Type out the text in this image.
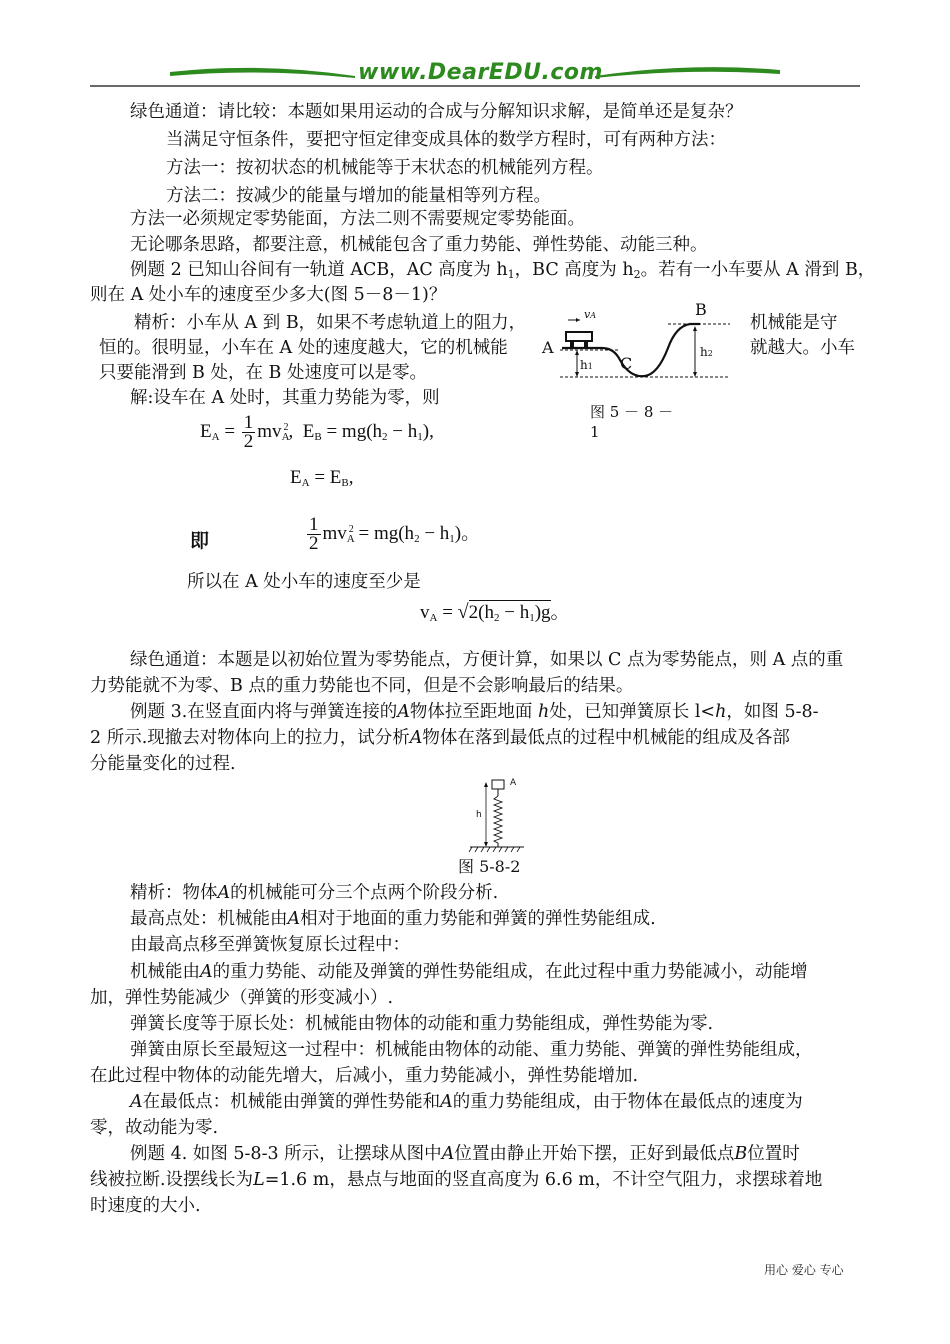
www.DearEDU.com
绿色通道：请比较：本题如果用运动的合成与分解知识求解，是简单还是复杂？
当满足守恒条件，要把守恒定律变成具体的数学方程时，可有两种方法：
方法一：按初状态的机械能等于末状态的机械能列方程。
方法二：按减少的能量与增加的能量相等列方程。
方法一必须规定零势能面，方法二则不需要规定零势能面。
无论哪条思路，都要注意，机械能包含了重力势能、弹性势能、动能三种。
例题 2 已知山谷间有一轨道 ACB，AC 高度为 $h_1$，BC 高度为 $h_2$。若有一小车要从 A 滑到 B，
则在 A 处小车的速度至少多大(图 5－8－1)？
精析：小车从 A 到 B，如果不考虑轨道上的阻力，	机械能是守
恒的。很明显，小车在 A 处的速度越大，它的机械能	就越大。小车
只要能滑到 B 处，在 B 处速度可以是零。
A
B
C
vA
h1
h2
图 5 － 8 －
1
解:设车在 A 处时，其重力势能为零，则
$E_A = \frac{1}{2} mv_A^2$,  $E_B = mg(h_2 - h_1)$,
$E_A = E_B$,
即	$\frac{1}{2} mv_A^2 = mg(h_2 - h_1)$。
所以在 A 处小车的速度至少是
$v_A = √2(h_2 - h_1)g$。
绿色通道：本题是以初始位置为零势能点，方便计算，如果以 C 点为零势能点，则 A 点的重
力势能就不为零、B 点的重力势能也不同，但是不会影响最后的结果。
例题 3.在竖直面内将与弹簧连接的A物体拉至距地面 h处，已知弹簧原长 l<h，如图 5-8-
2 所示.现撤去对物体向上的拉力，试分析A物体在落到最低点的过程中机械能的组成及各部
分能量变化的过程.
A
h
图 5-8-2
精析：物体A的机械能可分三个点两个阶段分析.
最高点处：机械能由A相对于地面的重力势能和弹簧的弹性势能组成.
由最高点移至弹簧恢复原长过程中：
机械能由A的重力势能、动能及弹簧的弹性势能组成，在此过程中重力势能减小，动能增
加，弹性势能减少（弹簧的形变减小）.
弹簧长度等于原长处：机械能由物体的动能和重力势能组成，弹性势能为零.
弹簧由原长至最短这一过程中：机械能由物体的动能、重力势能、弹簧的弹性势能组成，
在此过程中物体的动能先增大，后减小，重力势能减小，弹性势能增加.
A在最低点：机械能由弹簧的弹性势能和A的重力势能组成，由于物体在最低点的速度为
零，故动能为零.
例题 4. 如图 5-8-3 所示，让摆球从图中A位置由静止开始下摆，正好到最低点B位置时
线被拉断.设摆线长为L=1.6 m，悬点与地面的竖直高度为 6.6 m，不计空气阻力，求摆球着地
时速度的大小.
用心 爱心 专心
